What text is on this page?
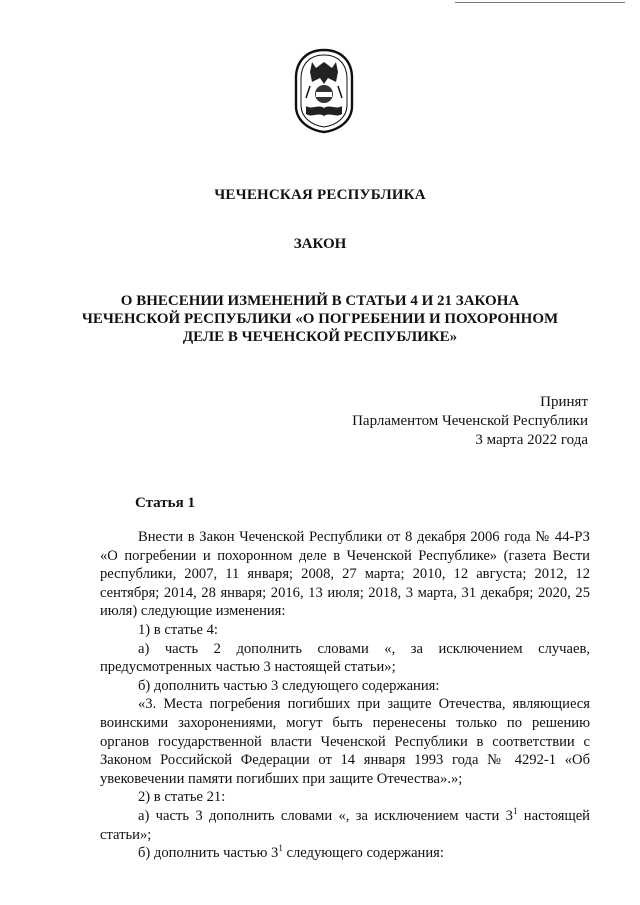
ЧЕЧЕНСКАЯ РЕСПУБЛИКА
ЗАКОН
О ВНЕСЕНИИ ИЗМЕНЕНИЙ В СТАТЬИ 4 И 21 ЗАКОНА
ЧЕЧЕНСКОЙ РЕСПУБЛИКИ «О ПОГРЕБЕНИИ И ПОХОРОННОМ
ДЕЛЕ В ЧЕЧЕНСКОЙ РЕСПУБЛИКЕ»
Принят
Парламентом Чеченской Республики
3 марта 2022 года
Статья 1

Внести в Закон Чеченской Республики от 8 декабря 2006 года № 44-РЗ «О погребении и похоронном деле в Чеченской Республике» (газета Вести республики, 2007, 11 января; 2008, 27 марта; 2010, 12 августа; 2012, 12 сентября; 2014, 28 января; 2016, 13 июля; 2018, 3 марта, 31 декабря; 2020, 25 июля) следующие изменения:

1) в статье 4:

а) часть 2 дополнить словами «, за исключением случаев, предусмотренных частью 3 настоящей статьи»;

б) дополнить частью 3 следующего содержания:

«3. Места погребения погибших при защите Отечества, являющиеся воинскими захоронениями, могут быть перенесены только по решению органов государственной власти Чеченской Республики в соответствии с Законом Российской Федерации от 14 января 1993 года № 4292-1 «Об увековечении памяти погибших при защите Отечества».»;

2) в статье 21:

а) часть 3 дополнить словами «, за исключением части $3^1$ настоящей статьи»;

б) дополнить частью $3^1$ следующего содержания:
